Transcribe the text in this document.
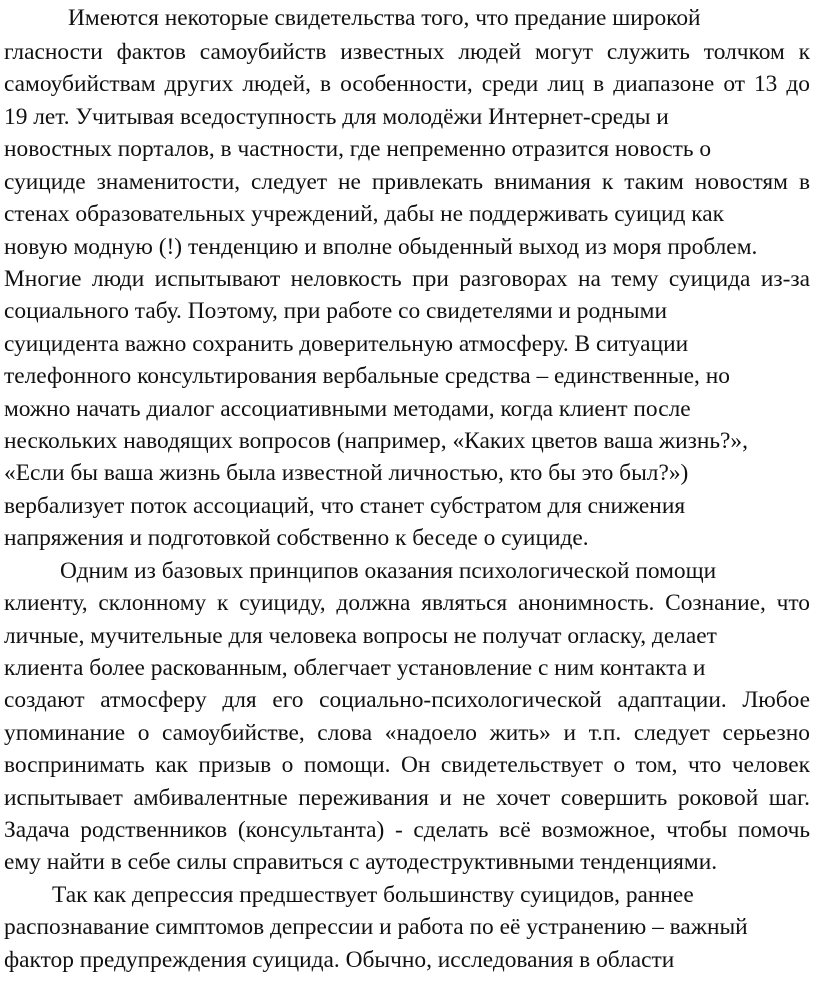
Имеются некоторые свидетельства того, что предание широкой
гласности фактов самоубийств известных людей могут служить толчком к
самоубийствам других людей, в особенности, среди лиц в диапазоне от 13 до
19 лет. Учитывая вседоступность для молодёжи Интернет-среды и
новостных порталов, в частности, где непременно отразится новость о
суициде знаменитости, следует не привлекать внимания к таким новостям в
стенах образовательных учреждений, дабы не поддерживать суицид как
новую модную (!) тенденцию и вполне обыденный выход из моря проблем.
Многие люди испытывают неловкость при разговорах на тему суицида из-за
социального табу. Поэтому, при работе со свидетелями и родными
суицидента важно сохранить доверительную атмосферу. В ситуации
телефонного консультирования вербальные средства – единственные, но
можно начать диалог ассоциативными методами, когда клиент после
нескольких наводящих вопросов (например, «Каких цветов ваша жизнь?»,
«Если бы ваша жизнь была известной личностью, кто бы это был?»)
вербализует поток ассоциаций, что станет субстратом для снижения
напряжения и подготовкой собственно к беседе о суициде.
Одним из базовых принципов оказания психологической помощи
клиенту, склонному к суициду, должна являться анонимность. Сознание, что
личные, мучительные для человека вопросы не получат огласку, делает
клиента более раскованным, облегчает установление с ним контакта и
создают атмосферу для его социально-психологической адаптации. Любое
упоминание о самоубийстве, слова «надоело жить» и т.п. следует серьезно
воспринимать как призыв о помощи. Он свидетельствует о том, что человек
испытывает амбивалентные переживания и не хочет совершить роковой шаг.
Задача родственников (консультанта) - сделать всё возможное, чтобы помочь
ему найти в себе силы справиться с аутодеструктивными тенденциями.
Так как депрессия предшествует большинству суицидов, раннее
распознавание симптомов депрессии и работа по её устранению – важный
фактор предупреждения суицида. Обычно, исследования в области
